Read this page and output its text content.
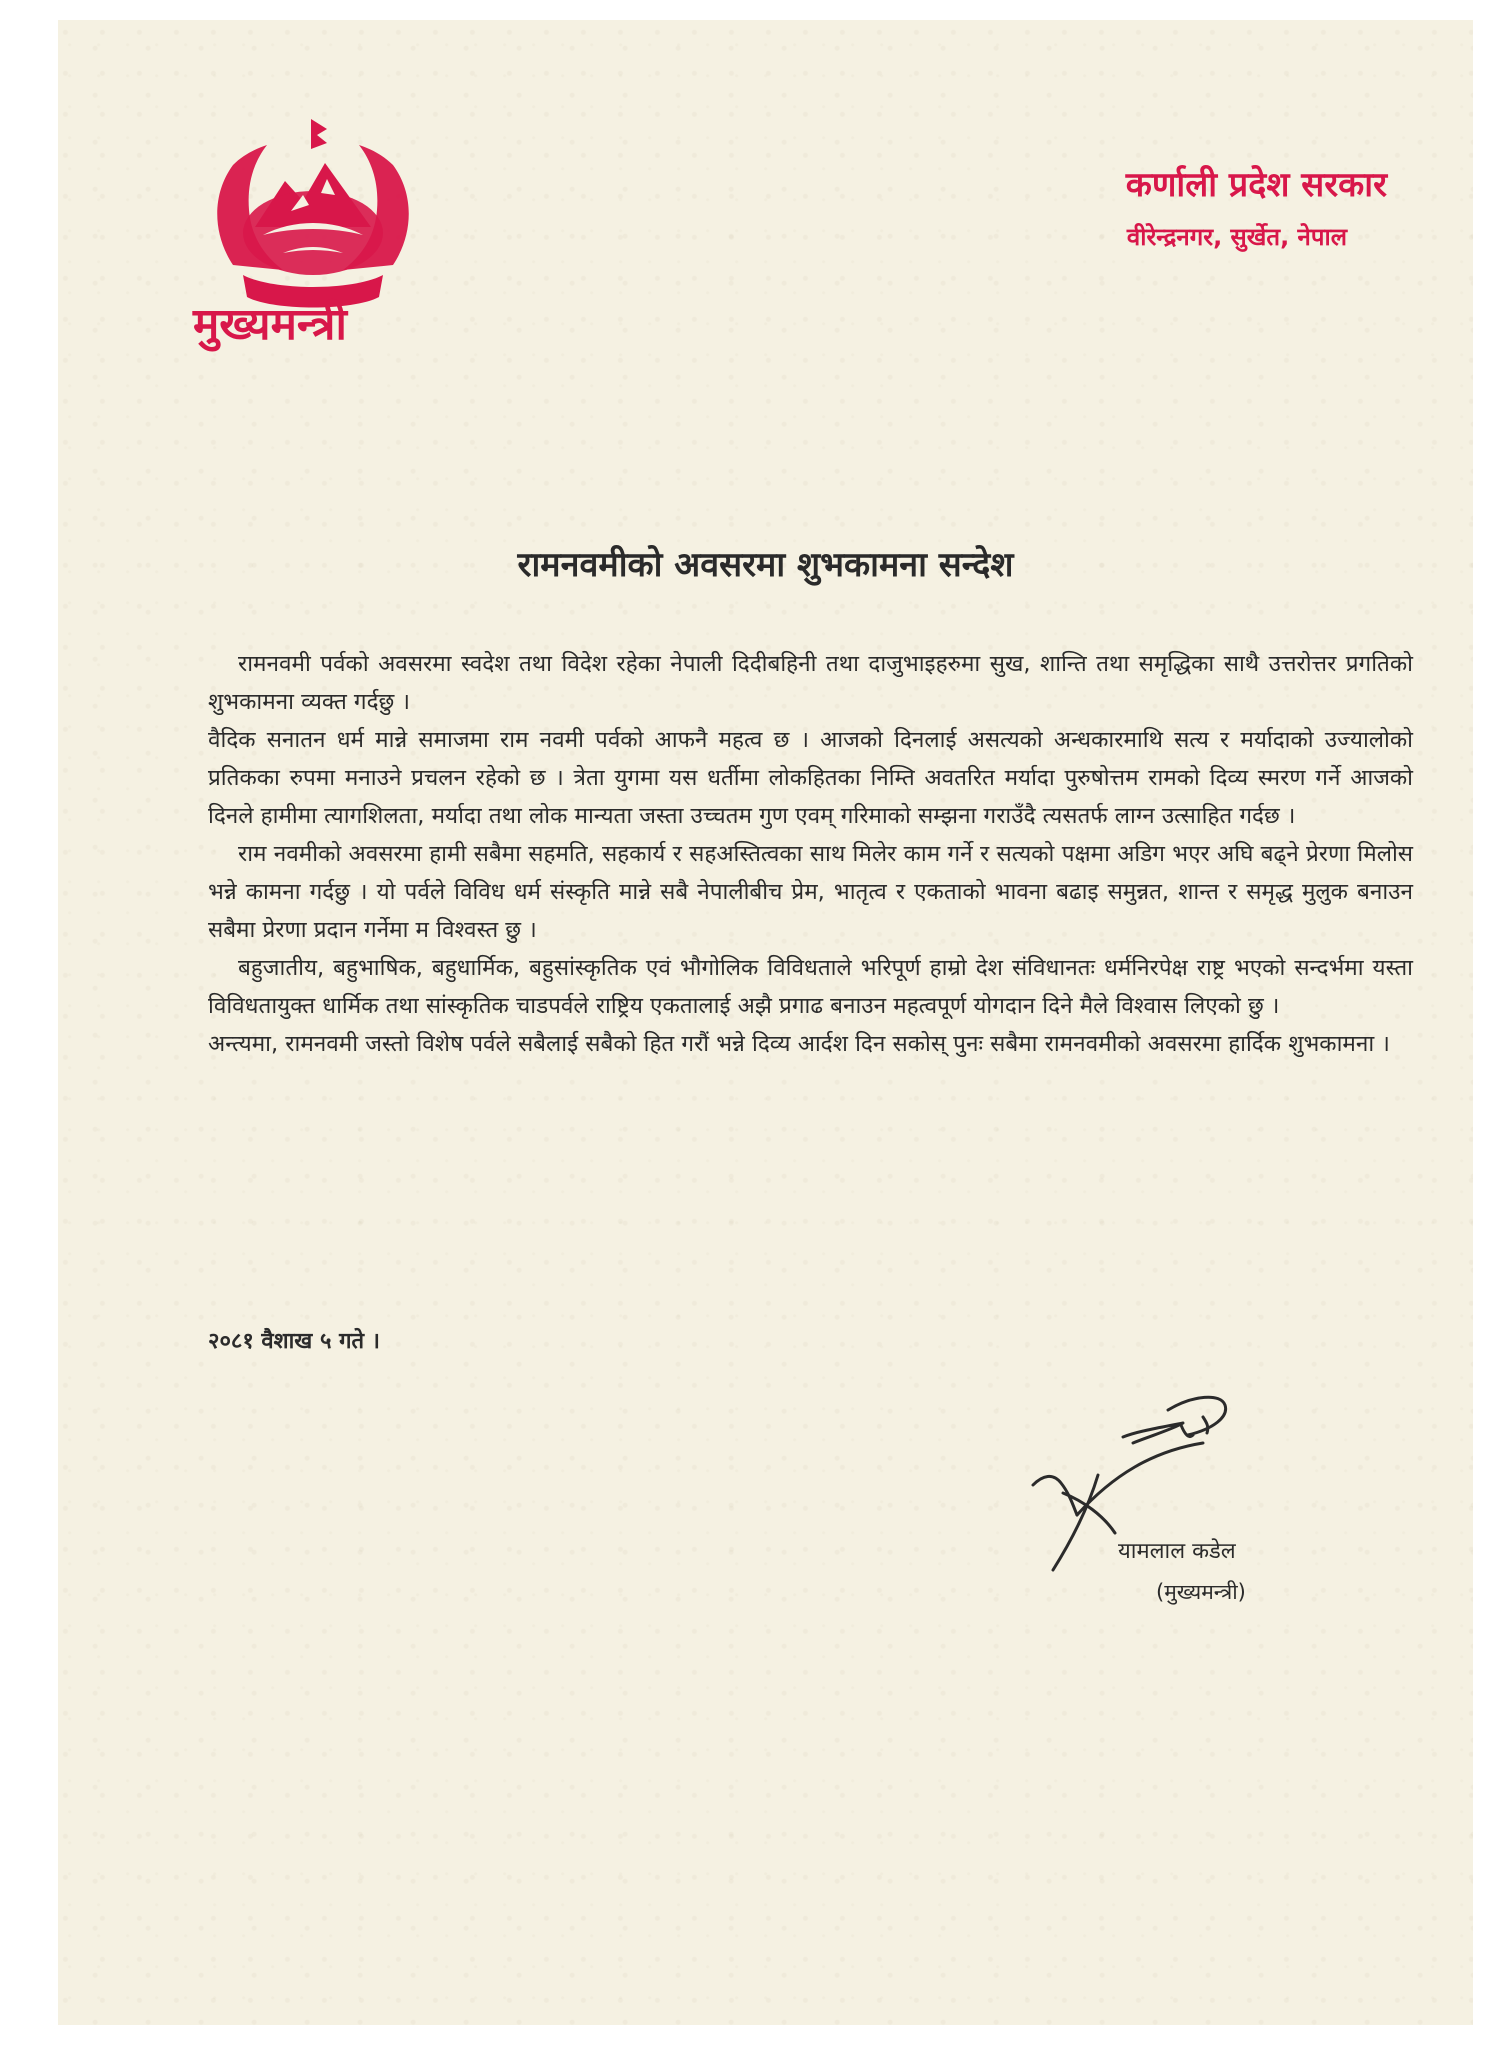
मुख्यमन्त्री
कर्णाली प्रदेश सरकार
वीरेन्द्रनगर, सुर्खेत, नेपाल
रामनवमीको अवसरमा शुभकामना सन्देश

रामनवमी पर्वको अवसरमा स्वदेश तथा विदेश रहेका नेपाली दिदीबहिनी तथा दाजुभाइहरुमा सुख, शान्ति तथा समृद्धिका साथै उत्तरोत्तर प्रगतिको शुभकामना व्यक्त गर्दछु ।

वैदिक सनातन धर्म मान्ने समाजमा राम नवमी पर्वको आफनै महत्व छ । आजको दिनलाई असत्यको अन्धकारमाथि सत्य र मर्यादाको उज्यालोको प्रतिकका रुपमा मनाउने प्रचलन रहेको छ । त्रेता युगमा यस धर्तीमा लोकहितका निम्ति अवतरित मर्यादा पुरुषोत्तम रामको दिव्य स्मरण गर्ने आजको दिनले हामीमा त्यागशिलता, मर्यादा तथा लोक मान्यता जस्ता उच्चतम गुण एवम् गरिमाको सम्झना गराउँदै त्यसतर्फ लाग्न उत्साहित गर्दछ ।

राम नवमीको अवसरमा हामी सबैमा सहमति, सहकार्य र सहअस्तित्वका साथ मिलेर काम गर्ने र सत्यको पक्षमा अडिग भएर अघि बढ्ने प्रेरणा मिलोस भन्ने कामना गर्दछु । यो पर्वले विविध धर्म संस्कृति मान्ने सबै नेपालीबीच प्रेम, भातृत्व र एकताको भावना बढाइ समुन्नत, शान्त र समृद्ध मुलुक बनाउन सबैमा प्रेरणा प्रदान गर्नेमा म विश्वस्त छु ।

बहुजातीय, बहुभाषिक, बहुधार्मिक, बहुसांस्कृतिक एवं भौगोलिक विविधताले भरिपूर्ण हाम्रो देश संविधानतः धर्मनिरपेक्ष राष्ट्र भएको सन्दर्भमा यस्ता विविधतायुक्त धार्मिक तथा सांस्कृतिक चाडपर्वले राष्ट्रिय एकतालाई अझै प्रगाढ बनाउन महत्वपूर्ण योगदान दिने मैले विश्वास लिएको छु ।

अन्त्यमा, रामनवमी जस्तो विशेष पर्वले सबैलाई सबैको हित गरौं भन्ने दिव्य आर्दश दिन सकोस् पुनः सबैमा रामनवमीको अवसरमा हार्दिक शुभकामना ।

२०८१ वैशाख ५ गते ।
यामलाल कडेल
(मुख्यमन्त्री)
